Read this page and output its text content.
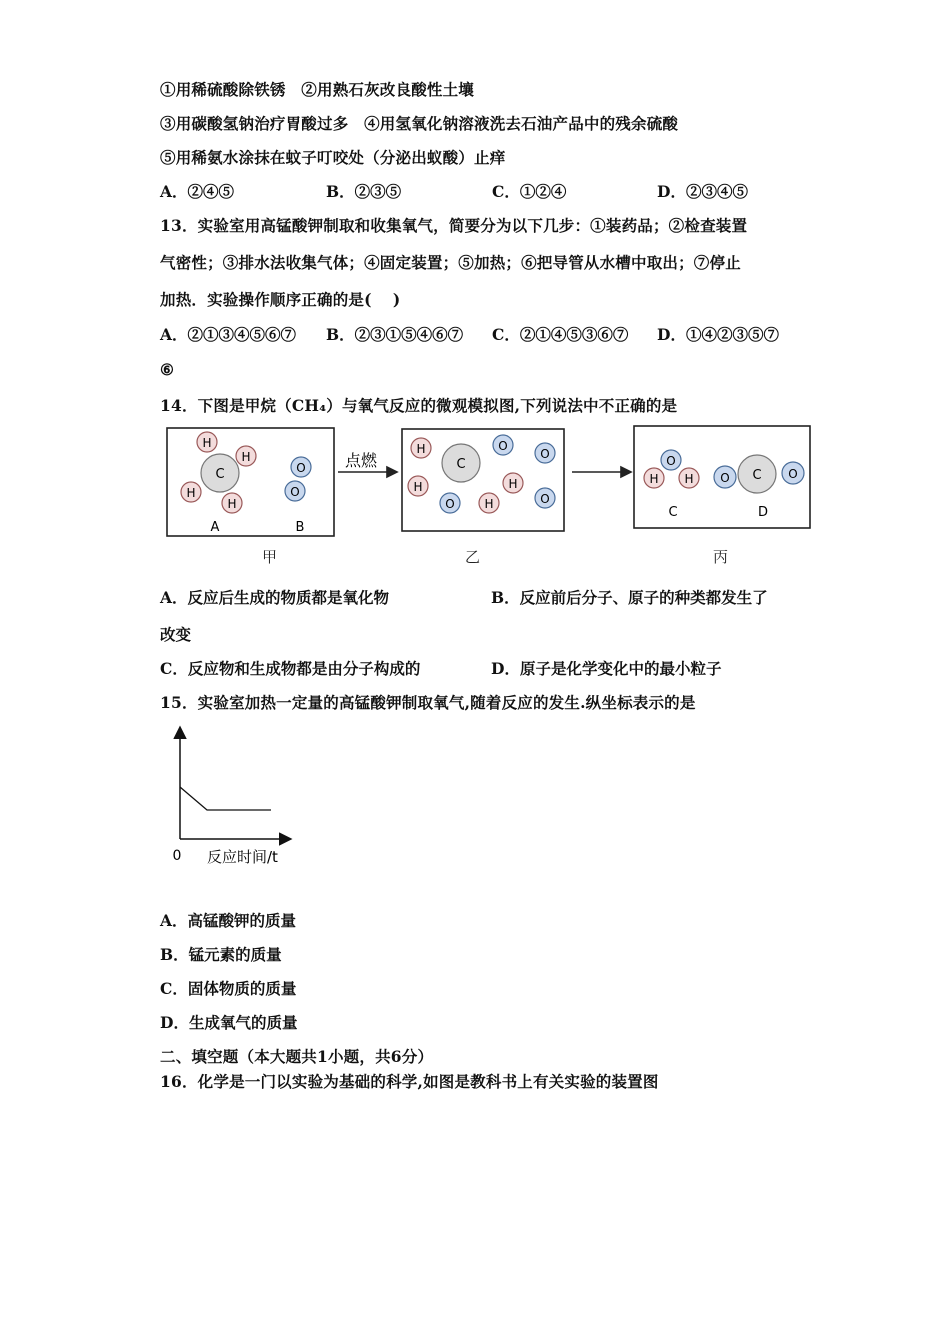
①用稀硫酸除铁锈　②用熟石灰改良酸性土壤
③用碳酸氢钠治疗胃酸过多　④用氢氧化钠溶液洗去石油产品中的残余硫酸
⑤用稀氨水涂抹在蚊子叮咬处（分泌出蚁酸）止痒
A．②④⑤	B．②③⑤	C．①②④	D．②③④⑤
13．实验室用高锰酸钾制取和收集氧气，简要分为以下几步：①装药品；②检查装置
气密性；③排水法收集气体；④固定装置；⑤加热；⑥把导管从水槽中取出；⑦停止
加热．实验操作顺序正确的是(　 )
A．②①③④⑤⑥⑦ B．②③①⑤④⑥⑦ C．②①④⑤③⑥⑦ D．①④②③⑤⑦
⑥
14．下图是甲烷（CH₄）与氧气反应的微观模拟图,下列说法中不正确的是
C
H
H
H
H
O
O
A	B
点燃	C
H
H	H
H
O
O
O	O
O
H H	C
O	O
C	D
甲	乙	丙
A．反应后生成的物质都是氧化物	B．反应前后分子、原子的种类都发生了
改变
C．反应物和生成物都是由分子构成的	D．原子是化学变化中的最小粒子
15．实验室加热一定量的高锰酸钾制取氧气,随着反应的发生.纵坐标表示的是
0 反应时间/t
A．高锰酸钾的质量
B．锰元素的质量
C．固体物质的质量
D．生成氧气的质量
二、填空题（本大题共1小题，共6分）
16．化学是一门以实验为基础的科学,如图是教科书上有关实验的装置图
